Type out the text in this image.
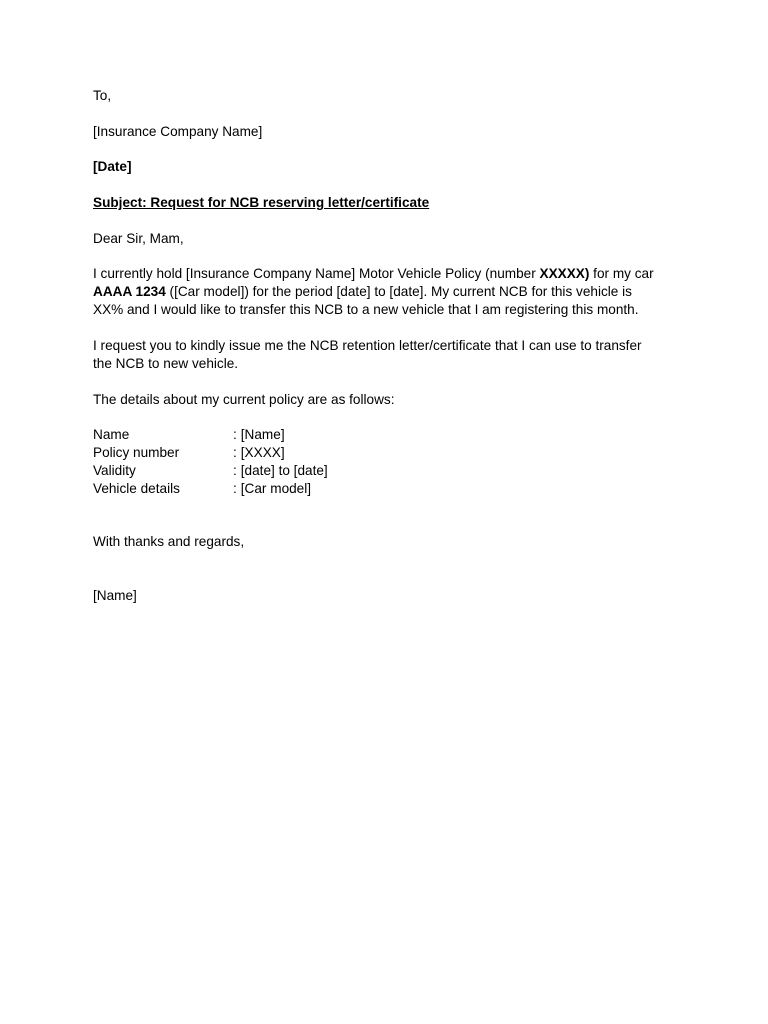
To,
[Insurance Company Name]
[Date]
Subject: Request for NCB reserving letter/certificate
Dear Sir, Mam,
I currently hold [Insurance Company Name] Motor Vehicle Policy (number XXXXX) for my car
AAAA 1234 ([Car model]) for the period [date] to [date]. My current NCB for this vehicle is
XX% and I would like to transfer this NCB to a new vehicle that I am registering this month.
I request you to kindly issue me the NCB retention letter/certificate that I can use to transfer
the NCB to new vehicle.
The details about my current policy are as follows:
Name	: [Name]
Policy number	: [XXXX]
Validity	: [date] to [date]
Vehicle details	: [Car model]
With thanks and regards,
[Name]
